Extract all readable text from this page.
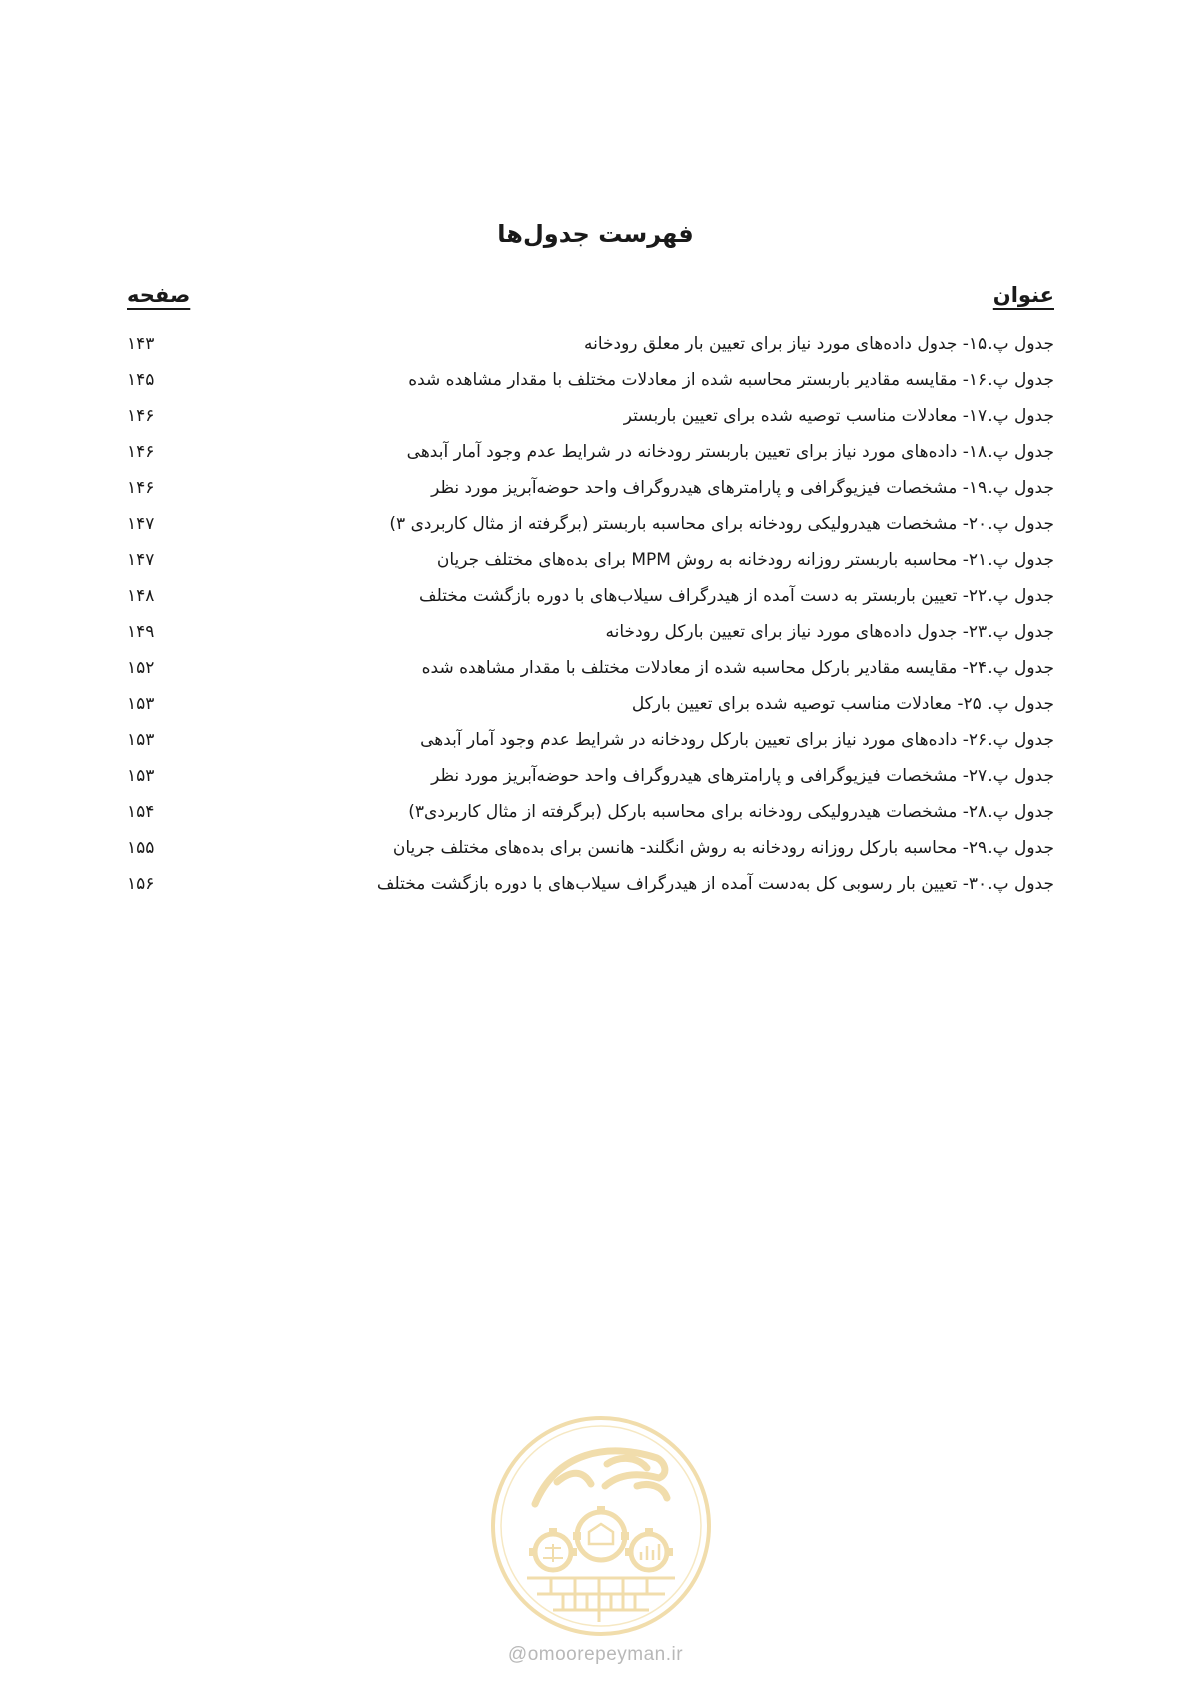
فهرست جدول‌ها
عنوان
صفحه
جدول پ.۱۵- جدول داده‌های مورد نیاز برای تعیین بار معلق رودخانه
۱۴۳
جدول پ.۱۶- مقایسه مقادیر باربستر محاسبه شده از معادلات مختلف با مقدار مشاهده شده
۱۴۵
جدول پ.۱۷- معادلات مناسب توصیه شده برای تعیین باربستر
۱۴۶
جدول پ.۱۸- داده‌های مورد نیاز برای تعیین باربستر رودخانه در شرایط عدم وجود آمار آبدهی
۱۴۶
جدول پ.۱۹- مشخصات فیزیوگرافی و پارامترهای هیدروگراف واحد حوضه‌آبریز مورد نظر
۱۴۶
جدول پ.۲۰- مشخصات هیدرولیکی رودخانه برای محاسبه باربستر (برگرفته از مثال کاربردی ۳)
۱۴۷
جدول پ.۲۱- محاسبه باربستر روزانه رودخانه به روش MPM برای بده‌های مختلف جریان
۱۴۷
جدول پ.۲۲- تعیین باربستر به دست آمده از هیدرگراف سیلاب‌های با دوره بازگشت مختلف
۱۴۸
جدول پ.۲۳- جدول داده‌های مورد نیاز برای تعیین بارکل رودخانه
۱۴۹
جدول پ.۲۴- مقایسه مقادیر بارکل محاسبه شده از معادلات مختلف با مقدار مشاهده شده
۱۵۲
جدول پ. ۲۵- معادلات مناسب توصیه شده برای تعیین بارکل
۱۵۳
جدول پ.۲۶- داده‌های مورد نیاز برای تعیین بارکل رودخانه در شرایط عدم وجود آمار آبدهی
۱۵۳
جدول پ.۲۷- مشخصات فیزیوگرافی و پارامترهای هیدروگراف واحد حوضه‌آبریز مورد نظر
۱۵۳
جدول پ.۲۸- مشخصات هیدرولیکی رودخانه برای محاسبه بارکل (برگرفته از مثال کاربردی۳)
۱۵۴
جدول پ.۲۹- محاسبه بارکل روزانه رودخانه به روش انگلند- هانسن برای بده‌های مختلف جریان
۱۵۵
جدول پ.۳۰- تعیین بار رسوبی کل به‌دست آمده از هیدرگراف سیلاب‌های با دوره بازگشت مختلف
۱۵۶
@omoorepeyman.ir
